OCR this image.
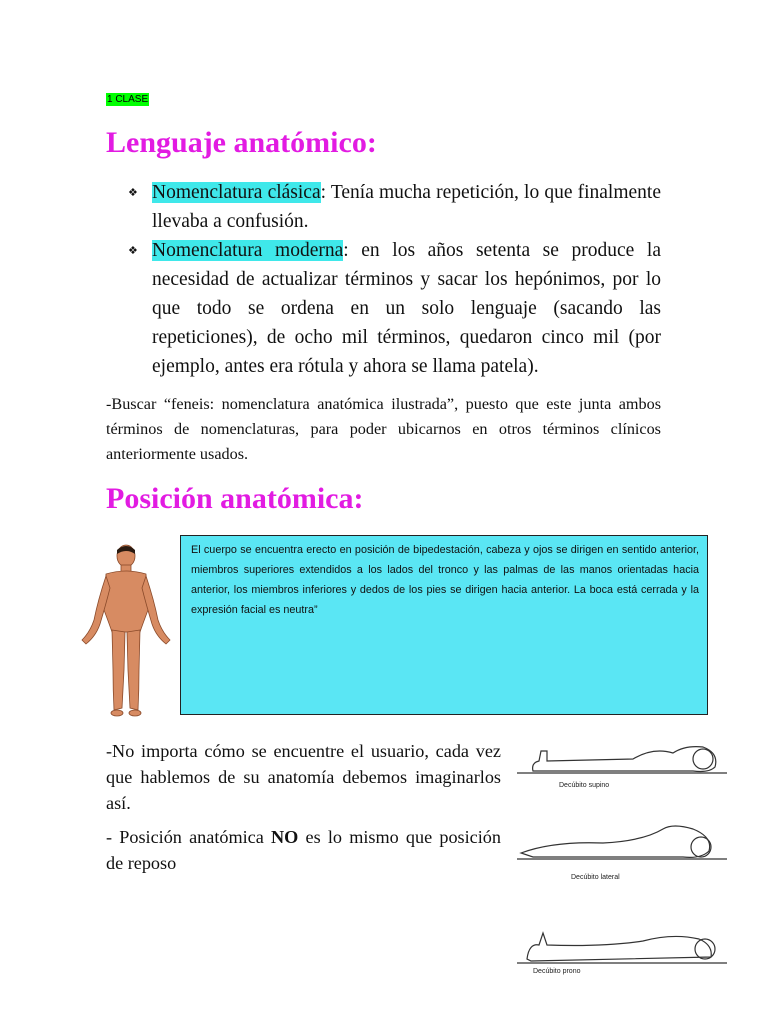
1 CLASE
Lenguaje anatómico:

❖ Nomenclatura clásica: Tenía mucha repetición, lo que finalmente llevaba a confusión.

❖ Nomenclatura moderna: en los años setenta se produce la necesidad de actualizar términos y sacar los hepónimos, por lo que todo se ordena en un solo lenguaje (sacando las repeticiones), de ocho mil términos, quedaron cinco mil (por ejemplo, antes era rótula y ahora se llama patela).

-Buscar “feneis: nomenclatura anatómica ilustrada”, puesto que este junta ambos términos de nomenclaturas, para poder ubicarnos en otros términos clínicos anteriormente usados.
Posición anatómica:
El cuerpo se encuentra erecto en posición de bipedestación, cabeza y ojos se dirigen en sentido anterior, miembros superiores extendidos a los lados del tronco y las palmas de las manos orientadas hacia anterior, los miembros inferiores y dedos de los pies se dirigen hacia anterior. La boca está cerrada y la expresión facial es neutra”

-No importa cómo se encuentre el usuario, cada vez que hablemos de su anatomía debemos imaginarlos así.

- Posición anatómica NO es lo mismo que posición de reposo

Decúbito supino
Decúbito lateral
Decúbito prono
